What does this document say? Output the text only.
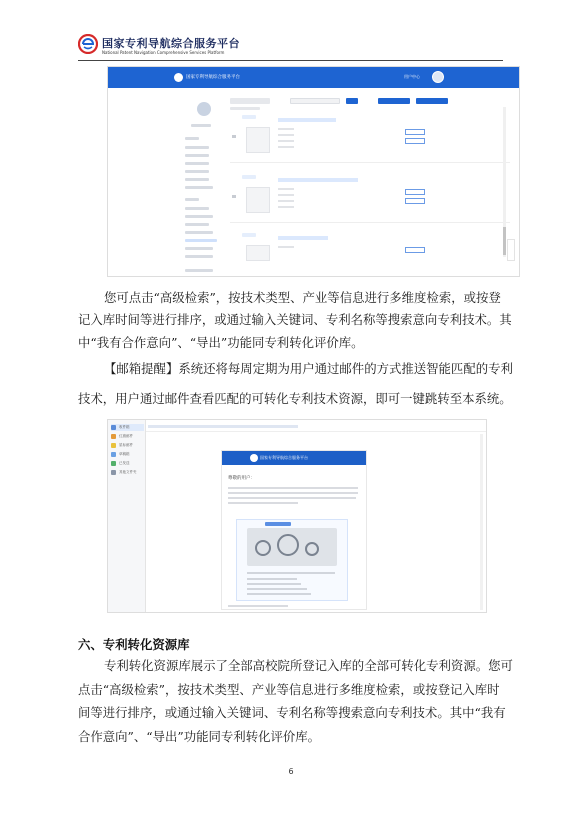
国家专利导航综合服务平台
National Patent Navigation Comprehensive Services Platform
国家专利导航综合服务平台	用户中心
您可点击“高级检索”，按技术类型、产业等信息进行多维度检索，或按登
记入库时间等进行排序，或通过输入关键词、专利名称等搜索意向专利技术。其
中“我有合作意向”、“导出”功能同专利转化评价库。
【邮箱提醒】系统还将每周定期为用户通过邮件的方式推送智能匹配的专利
技术，用户通过邮件查看匹配的可转化专利技术资源，即可一键跳转至本系统。
收件箱
红旗邮件
星标邮件
草稿箱
已发送
其他文件夹
国家专利导航综合服务平台
尊敬的用户：
六、专利转化资源库
专利转化资源库展示了全部高校院所登记入库的全部可转化专利资源。您可
点击“高级检索”，按技术类型、产业等信息进行多维度检索，或按登记入库时
间等进行排序，或通过输入关键词、专利名称等搜索意向专利技术。其中“我有
合作意向”、“导出”功能同专利转化评价库。
6
